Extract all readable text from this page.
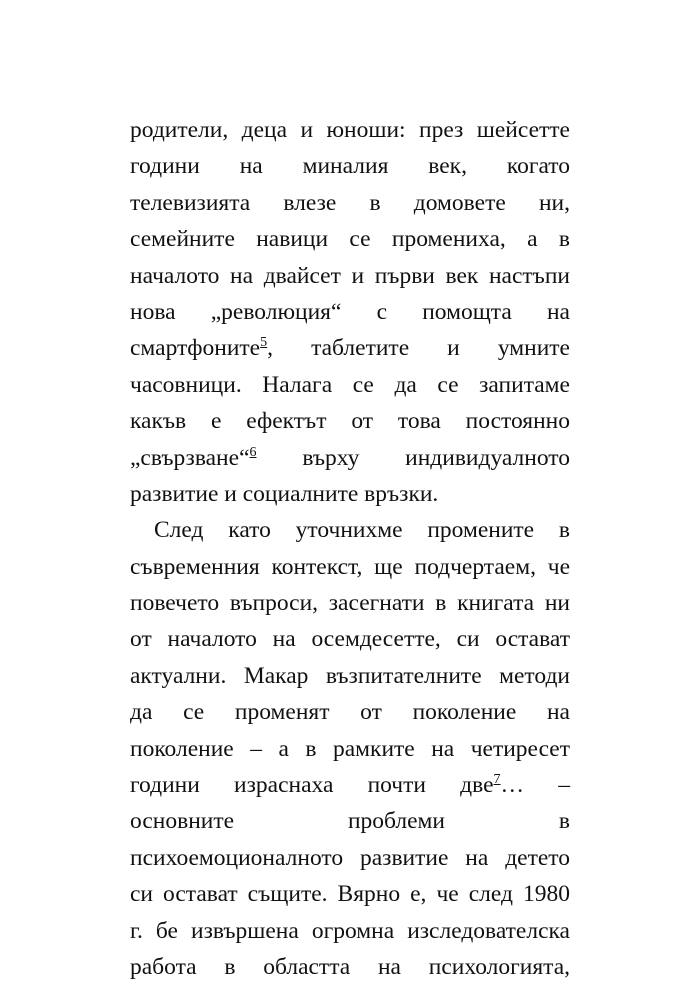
родители, деца и юноши: през шейсетте
години на миналия век, когато
телевизията влезе в домовете ни,
семейните навици се промениха, а в
началото на двайсет и първи век настъпи
нова „революция“ с помощта на
смартфоните$^5$, таблетите и умните
часовници. Налага се да се запитаме
какъв е ефектът от това постоянно
„свързване“$^6$ върху индивидуалното
развитие и социалните връзки.
След като уточнихме промените в
съвременния контекст, ще подчертаем, че
повечето въпроси, засегнати в книгата ни
от началото на осемдесетте, си остават
актуални. Макар възпитателните методи
да се променят от поколение на
поколение – а в рамките на четиресет
години израснаха почти две$^7$… –
основните проблеми в
психоемоционалното развитие на детето
си остават същите. Вярно е, че след 1980
г. бе извършена огромна изследователска
работа в областта на психологията,
